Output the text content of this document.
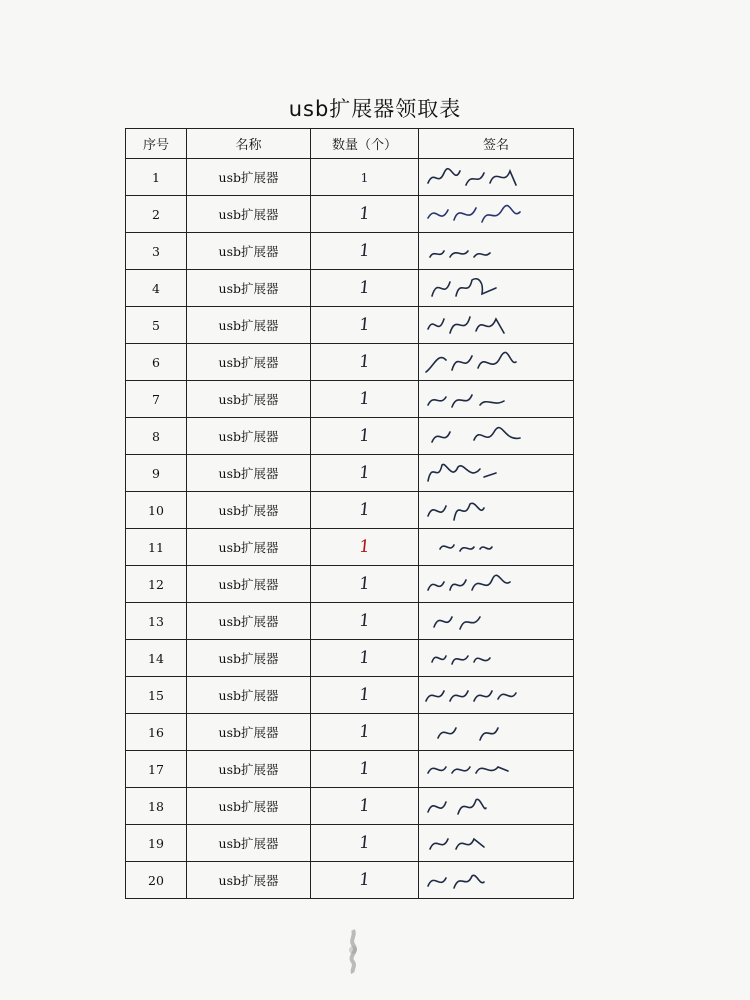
usb扩展器领取表
序号	名称	数量（个）	签名
1	usb扩展器	1	

2	usb扩展器	1	

3	usb扩展器	1	

4	usb扩展器	1	

5	usb扩展器	1	

6	usb扩展器	1	

7	usb扩展器	1	

8	usb扩展器	1	

9	usb扩展器	1	

10	usb扩展器	1	

11	usb扩展器	1	

12	usb扩展器	1	

13	usb扩展器	1	

14	usb扩展器	1	

15	usb扩展器	1	

16	usb扩展器	1	

17	usb扩展器	1	

18	usb扩展器	1	

19	usb扩展器	1	

20	usb扩展器	1	
